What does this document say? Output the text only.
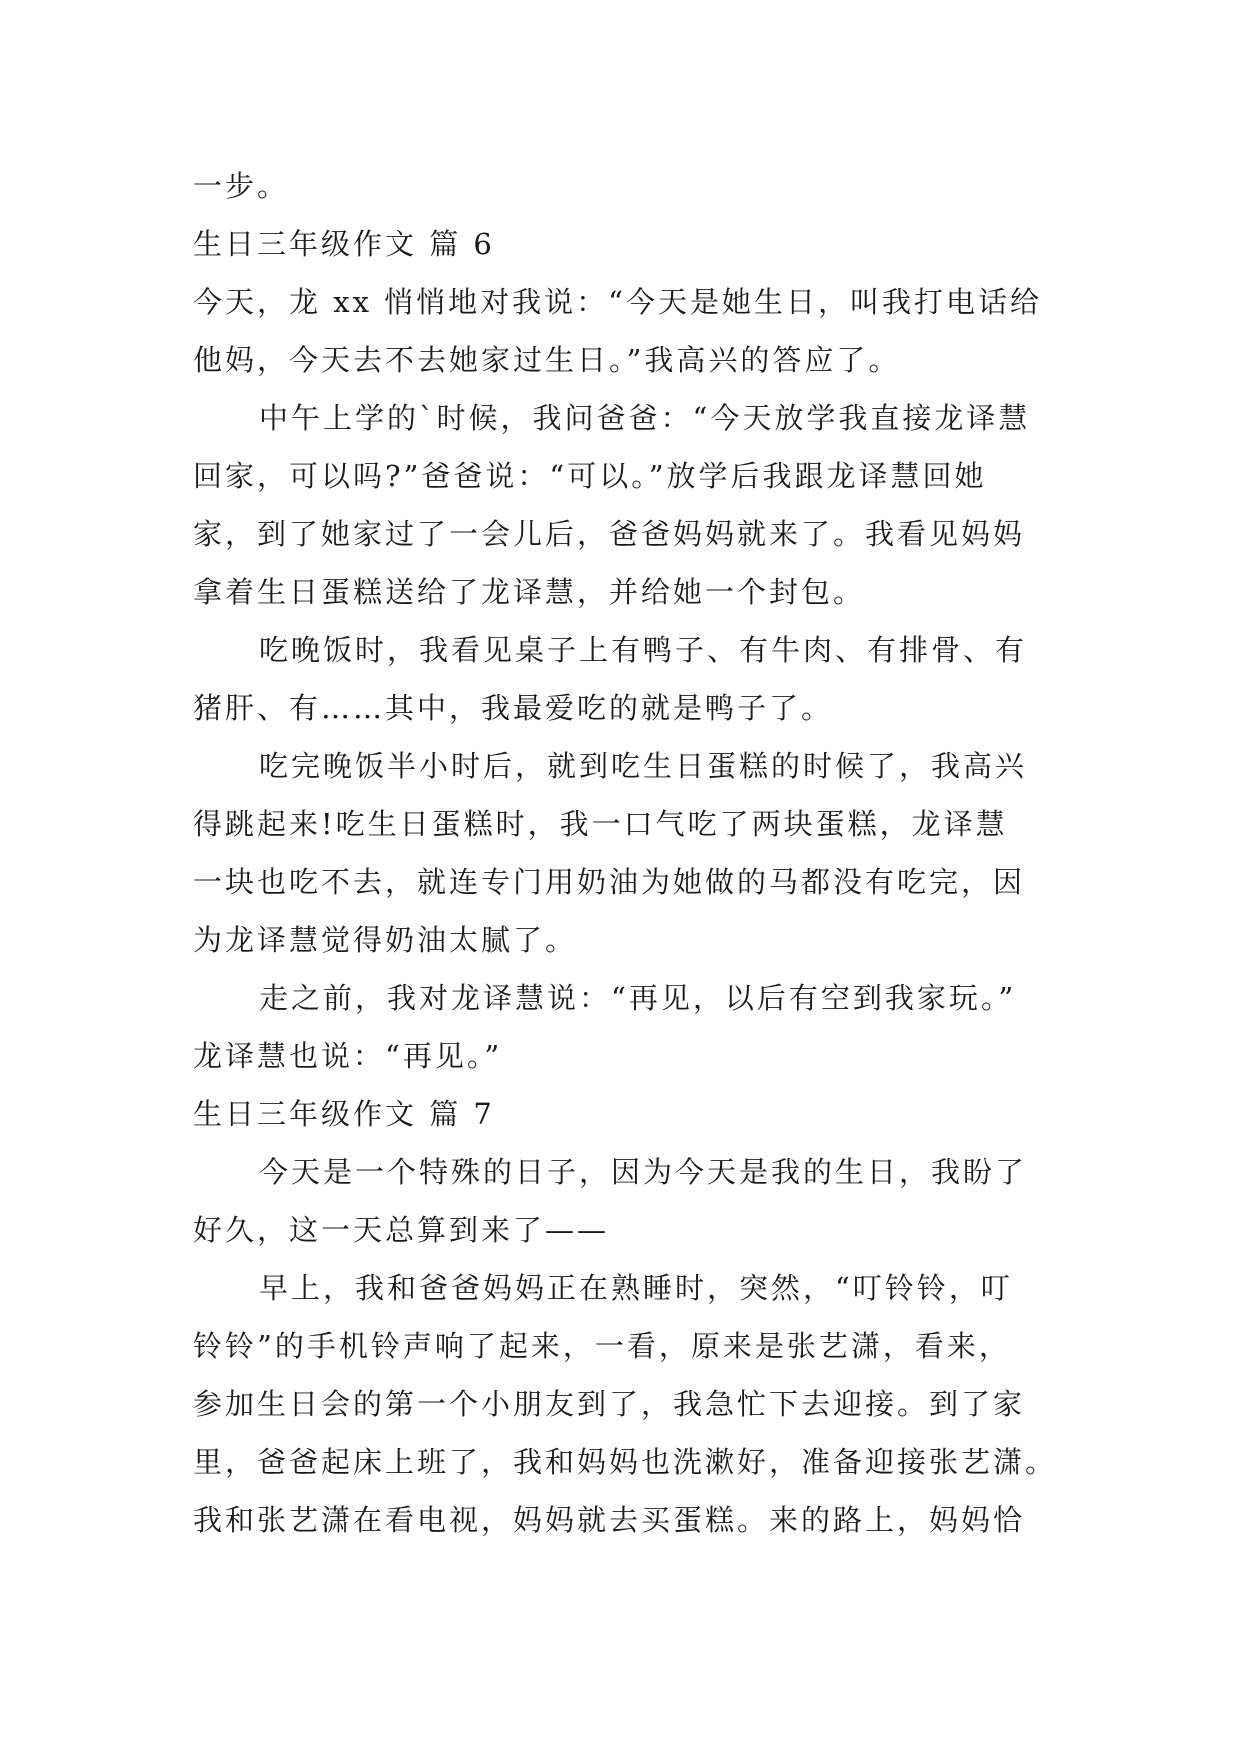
一步。

生日三年级作文 篇 6

今天，龙 xx 悄悄地对我说：“今天是她生日，叫我打电话给

他妈，今天去不去她家过生日。”我高兴的答应了。

中午上学的`时候，我问爸爸：“今天放学我直接龙译慧

回家，可以吗?”爸爸说：“可以。”放学后我跟龙译慧回她

家，到了她家过了一会儿后，爸爸妈妈就来了。我看见妈妈

拿着生日蛋糕送给了龙译慧，并给她一个封包。

吃晚饭时，我看见桌子上有鸭子、有牛肉、有排骨、有

猪肝、有……其中，我最爱吃的就是鸭子了。

吃完晚饭半小时后，就到吃生日蛋糕的时候了，我高兴

得跳起来!吃生日蛋糕时，我一口气吃了两块蛋糕，龙译慧

一块也吃不去，就连专门用奶油为她做的马都没有吃完，因

为龙译慧觉得奶油太腻了。

走之前，我对龙译慧说：“再见，以后有空到我家玩。”

龙译慧也说：“再见。”

生日三年级作文 篇 7

今天是一个特殊的日子，因为今天是我的生日，我盼了

好久，这一天总算到来了——

早上，我和爸爸妈妈正在熟睡时，突然，“叮铃铃，叮

铃铃”的手机铃声响了起来，一看，原来是张艺潇，看来，

参加生日会的第一个小朋友到了，我急忙下去迎接。到了家

里，爸爸起床上班了，我和妈妈也洗漱好，准备迎接张艺潇。

我和张艺潇在看电视，妈妈就去买蛋糕。来的路上，妈妈恰
